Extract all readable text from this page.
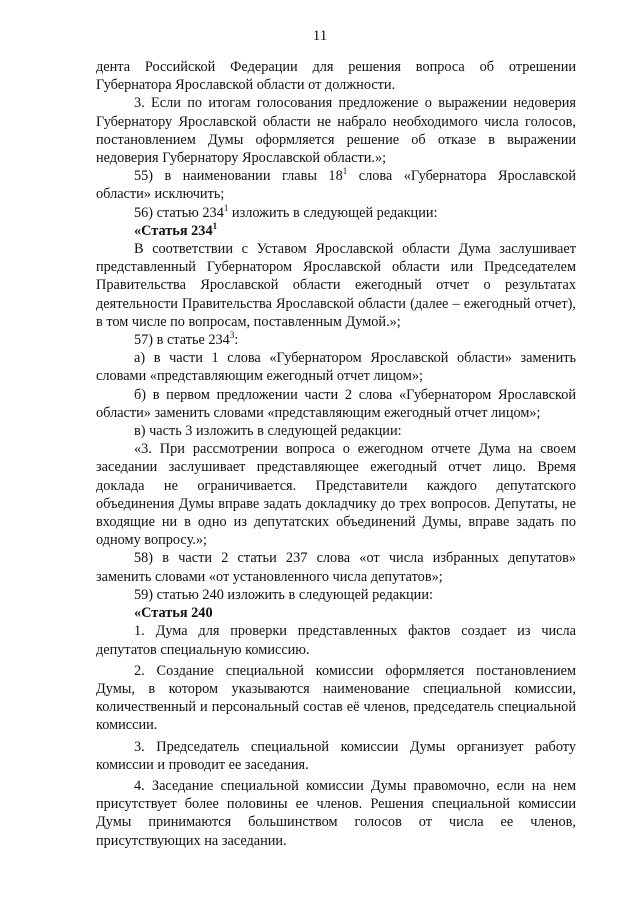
11

дента Российской Федерации для решения вопроса об отрешении Губернатора Ярославской области от должности.

3. Если по итогам голосования предложение о выражении недоверия Губернатору Ярославской области не набрало необходимого числа голосов, постановлением Думы оформляется решение об отказе в выражении недоверия Губернатору Ярославской области.»;

55) в наименовании главы $18^1$ слова «Губернатора Ярославской области» исключить;

56) статью $234^1$ изложить в следующей редакции:

«Статья $234^1$

В соответствии с Уставом Ярославской области Дума заслушивает представленный Губернатором Ярославской области или Председателем Правительства Ярославской области ежегодный отчет о результатах деятельности Правительства Ярославской области (далее – ежегодный отчет), в том числе по вопросам, поставленным Думой.»;

57) в статье $234^3$:

а) в части 1 слова «Губернатором Ярославской области» заменить словами «представляющим ежегодный отчет лицом»;

б) в первом предложении части 2 слова «Губернатором Ярославской области» заменить словами «представляющим ежегодный отчет лицом»;

в) часть 3 изложить в следующей редакции:

«3. При рассмотрении вопроса о ежегодном отчете Дума на своем заседании заслушивает представляющее ежегодный отчет лицо. Время доклада не ограничивается. Представители каждого депутатского объединения Думы вправе задать докладчику до трех вопросов. Депутаты, не входящие ни в одно из депутатских объединений Думы, вправе задать по одному вопросу.»;

58) в части 2 статьи 237 слова «от числа избранных депутатов» заменить словами «от установленного числа депутатов»;

59) статью 240 изложить в следующей редакции:

«Статья 240

1. Дума для проверки представленных фактов создает из числа депутатов специальную комиссию.

2. Создание специальной комиссии оформляется постановлением Думы, в котором указываются наименование специальной комиссии, количественный и персональный состав её членов, председатель специальной комиссии.

3. Председатель специальной комиссии Думы организует работу комиссии и проводит ее заседания.

4. Заседание специальной комиссии Думы правомочно, если на нем присутствует более половины ее членов. Решения специальной комиссии Думы принимаются большинством голосов от числа ее членов, присутствующих на заседании.
